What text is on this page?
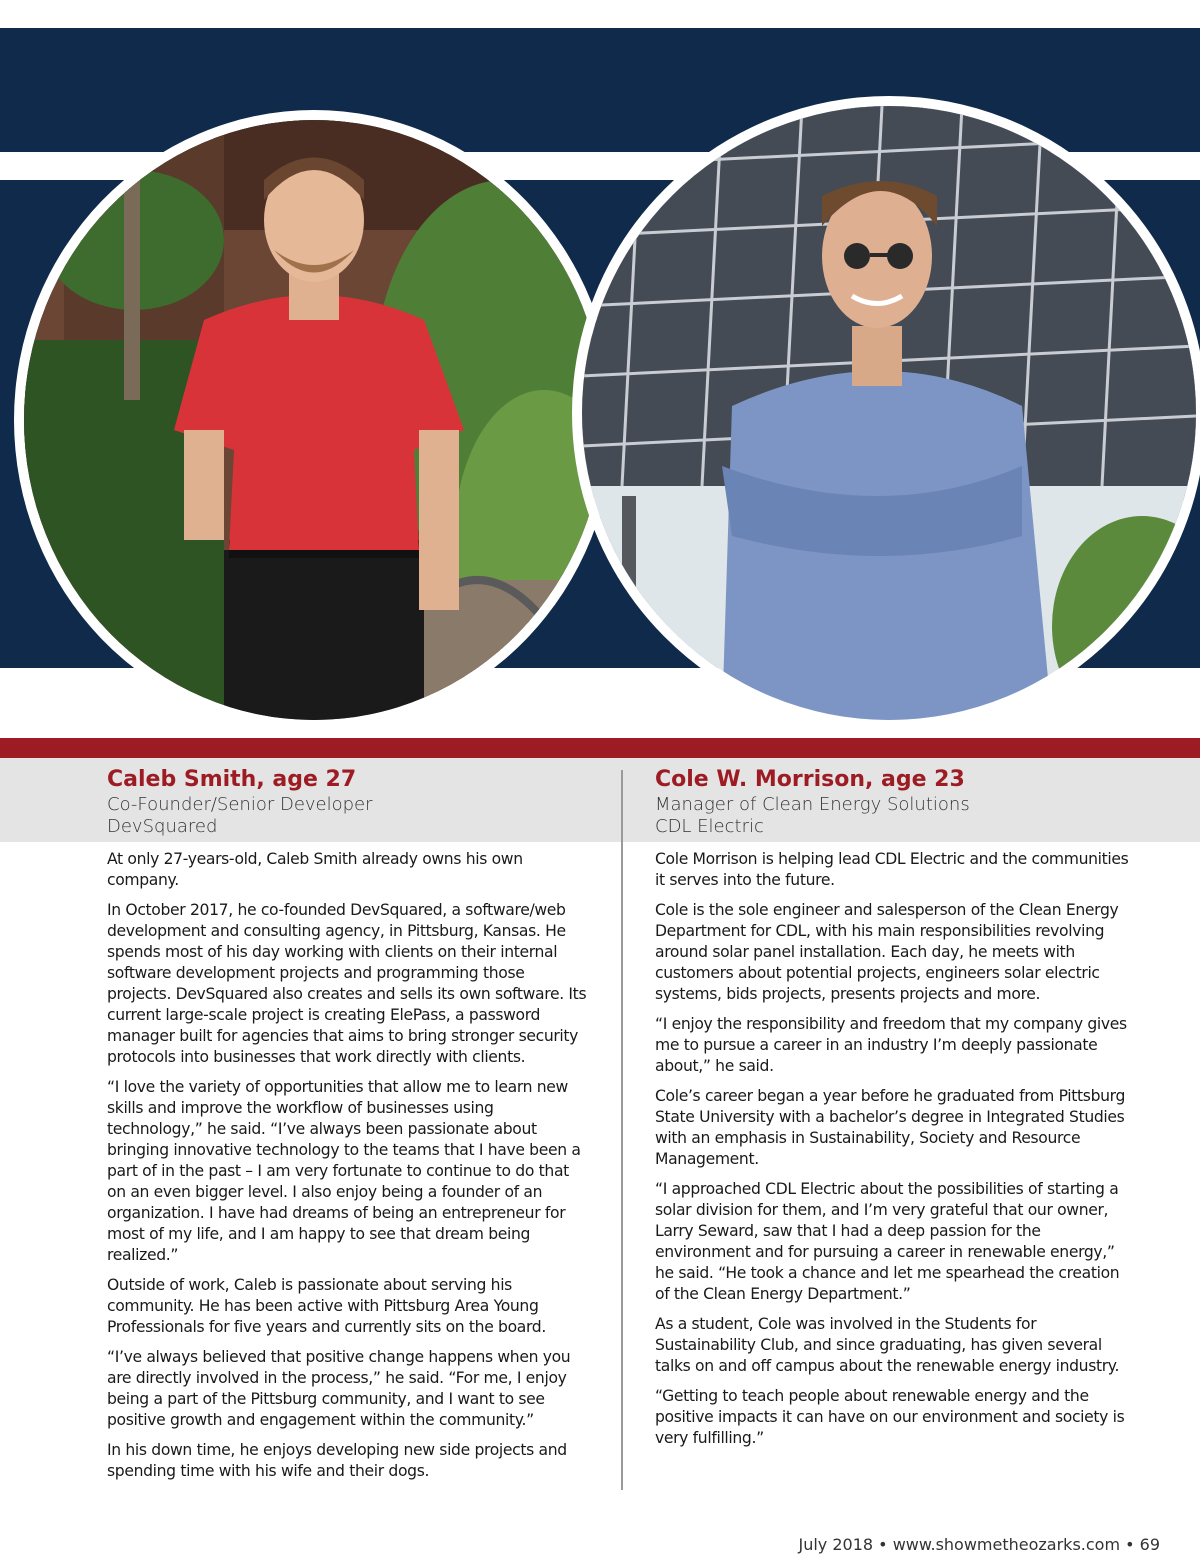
Caleb Smith, age 27

Co-Founder/Senior Developer

DevSquared

At only 27-years-old, Caleb Smith already owns his own company.

In October 2017, he co-founded DevSquared, a software/web development and consulting agency, in Pittsburg, Kansas. He spends most of his day working with clients on their internal software development projects and programming those projects. DevSquared also creates and sells its own software. Its current large-scale project is creating ElePass, a password manager built for agencies that aims to bring stronger security protocols into businesses that work directly with clients.

“I love the variety of opportunities that allow me to learn new skills and improve the workflow of businesses using technology,” he said. “I’ve always been passionate about bringing innovative technology to the teams that I have been a part of in the past – I am very fortunate to continue to do that on an even bigger level. I also enjoy being a founder of an organization. I have had dreams of being an entrepreneur for most of my life, and I am happy to see that dream being realized.”

Outside of work, Caleb is passionate about serving his community. He has been active with Pittsburg Area Young Professionals for five years and currently sits on the board.

“I’ve always believed that positive change happens when you are directly involved in the process,” he said. “For me, I enjoy being a part of the Pittsburg community, and I want to see positive growth and engagement within the community.”

In his down time, he enjoys developing new side projects and spending time with his wife and their dogs.

Cole W. Morrison, age 23

Manager of Clean Energy Solutions

CDL Electric

Cole Morrison is helping lead CDL Electric and the communities it serves into the future.

Cole is the sole engineer and salesperson of the Clean Energy Department for CDL, with his main responsibilities revolving around solar panel installation. Each day, he meets with customers about potential projects, engineers solar electric systems, bids projects, presents projects and more.

“I enjoy the responsibility and freedom that my company gives me to pursue a career in an industry I’m deeply passionate about,” he said.

Cole’s career began a year before he graduated from Pittsburg State University with a bachelor’s degree in Integrated Studies with an emphasis in Sustainability, Society and Resource Management.

“I approached CDL Electric about the possibilities of starting a solar division for them, and I’m very grateful that our owner, Larry Seward, saw that I had a deep passion for the environment and for pursuing a career in renewable energy,” he said. “He took a chance and let me spearhead the creation of the Clean Energy Department.”

As a student, Cole was involved in the Students for Sustainability Club, and since graduating, has given several talks on and off campus about the renewable energy industry.

“Getting to teach people about renewable energy and the positive impacts it can have on our environment and society is very fulfilling.”

July 2018 • www.showmetheozarks.com • 69
